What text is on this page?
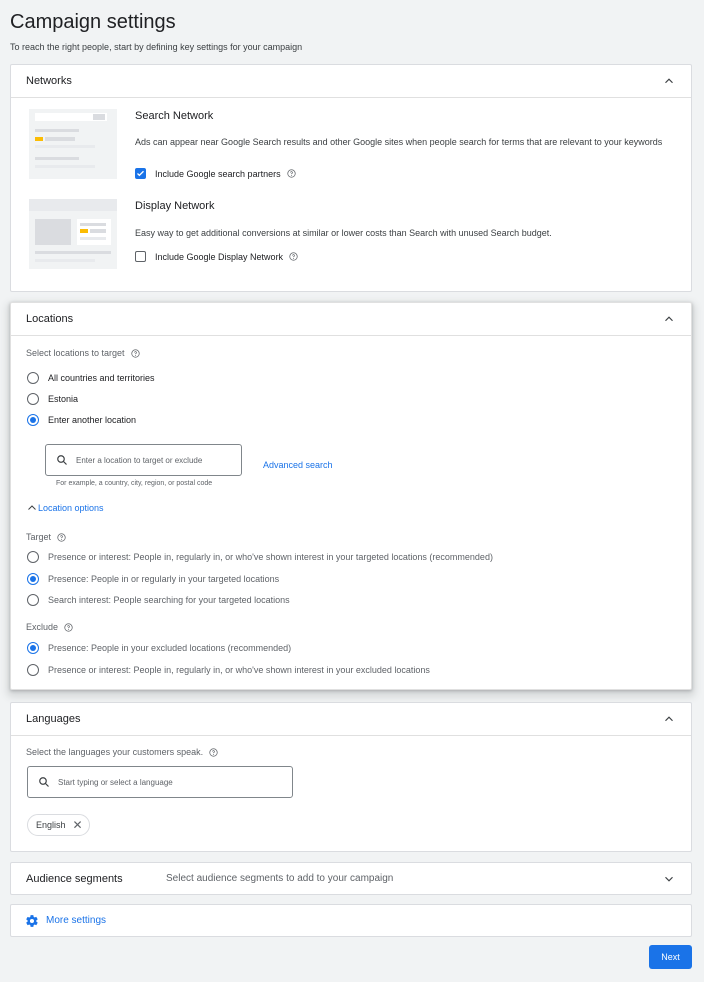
Campaign settings
To reach the right people, start by defining key settings for your campaign
Networks
Search Network
Ads can appear near Google Search results and other Google sites when people search for terms that are relevant to your keywords
Include Google search partners
Display Network
Easy way to get additional conversions at similar or lower costs than Search with unused Search budget.
Include Google Display Network
Locations
Select locations to target
All countries and territories
Estonia
Enter another location
Enter a location to target or exclude
For example, a country, city, region, or postal code
Advanced search
Location options
Target
Presence or interest: People in, regularly in, or who've shown interest in your targeted locations (recommended)
Presence: People in or regularly in your targeted locations
Search interest: People searching for your targeted locations
Exclude
Presence: People in your excluded locations (recommended)
Presence or interest: People in, regularly in, or who've shown interest in your excluded locations
Languages
Select the languages your customers speak.
Start typing or select a language
English ✕
Audience segments	Select audience segments to add to your campaign
More settings
Next
